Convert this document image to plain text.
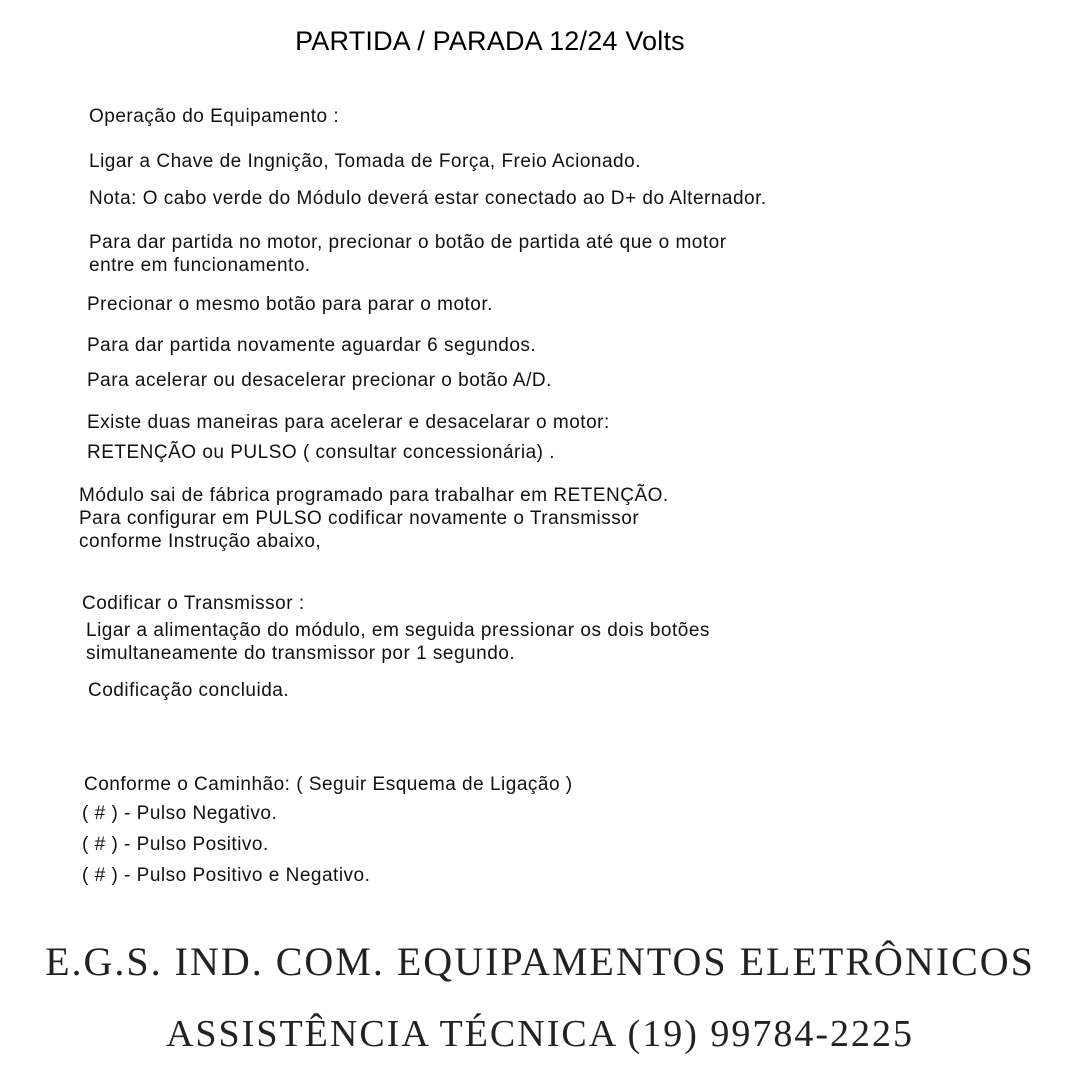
PARTIDA / PARADA 12/24 Volts
Operação do Equipamento :
Ligar a Chave de Ingnição, Tomada de Força, Freio Acionado.
Nota: O cabo verde do Módulo deverá estar conectado ao D+ do Alternador.
Para dar partida no motor, precionar o botão de partida até que o motor
entre em funcionamento.
Precionar o mesmo botão para parar o motor.
Para dar partida novamente aguardar 6 segundos.
Para acelerar ou desacelerar precionar o botão A/D.
Existe duas maneiras para acelerar e desacelarar o motor:
RETENÇÃO ou PULSO ( consultar concessionária) .
Módulo sai de fábrica programado para trabalhar em RETENÇÃO.
Para configurar em PULSO codificar novamente o Transmissor
conforme Instrução abaixo,
Codificar o Transmissor :
Ligar a alimentação do módulo, em seguida pressionar os dois botões
simultaneamente do transmissor por 1 segundo.
Codificação concluida.
Conforme o Caminhão: ( Seguir Esquema de Ligação )
( # ) - Pulso Negativo.
( # ) - Pulso Positivo.
( # ) - Pulso Positivo e Negativo.
E.G.S. IND. COM. EQUIPAMENTOS ELETRÔNICOS
ASSISTÊNCIA TÉCNICA (19) 99784-2225
